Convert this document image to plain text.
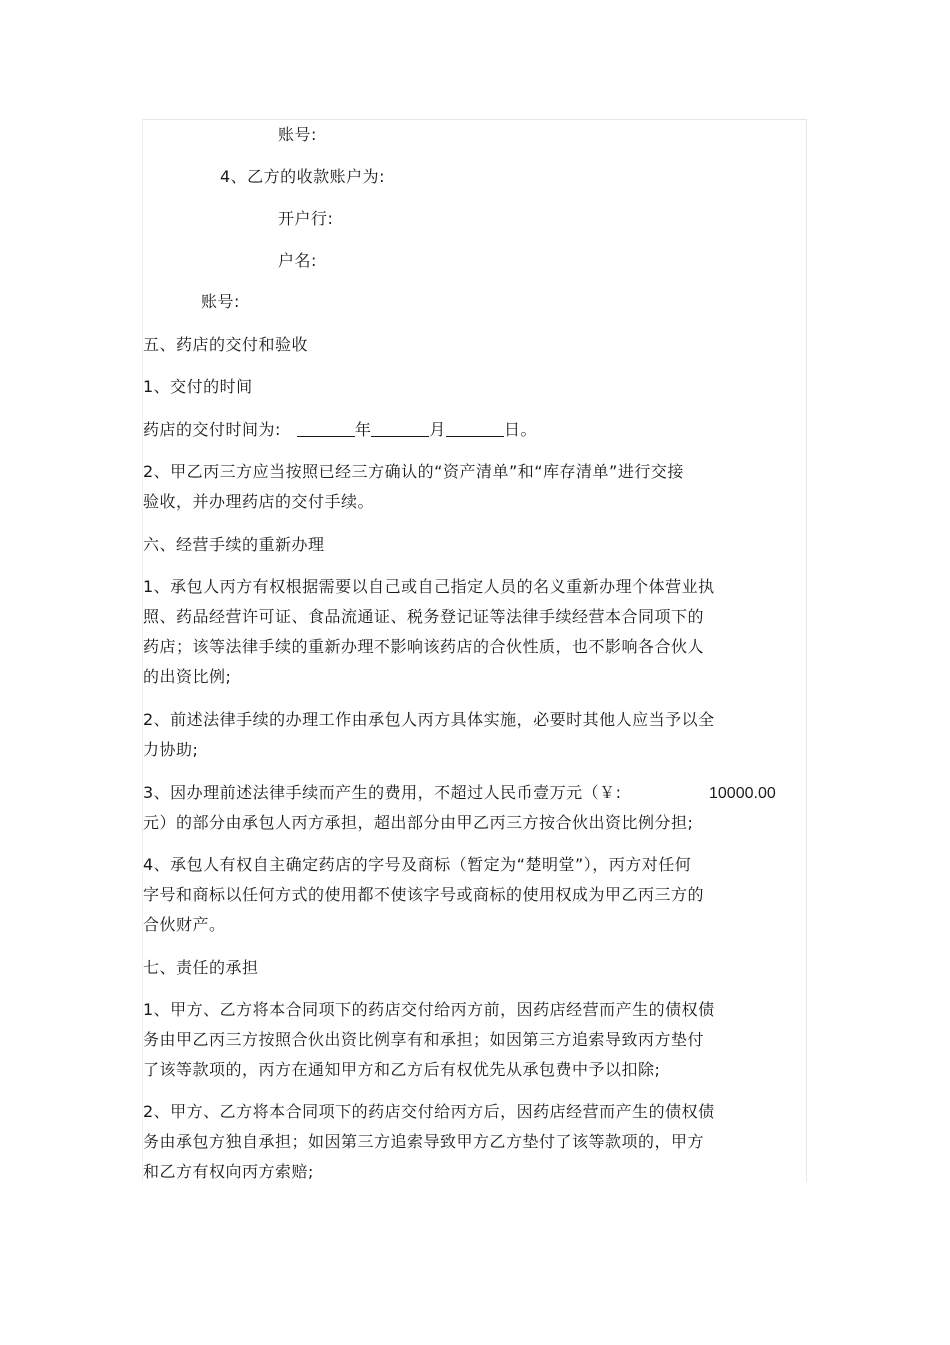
账号:
4、乙方的收款账户为:
开户行:
户名:
账号:
五、药店的交付和验收
1、交付的时间
药店的交付时间为:	年	月	日。
2、甲乙丙三方应当按照已经三方确认的“资产清单”和“库存清单”进行交接
验收，并办理药店的交付手续。
六、经营手续的重新办理
1、承包人丙方有权根据需要以自己或自己指定人员的名义重新办理个体营业执
照、药品经营许可证、食品流通证、税务登记证等法律手续经营本合同项下的
药店；该等法律手续的重新办理不影响该药店的合伙性质，也不影响各合伙人
的出资比例;
2、前述法律手续的办理工作由承包人丙方具体实施，必要时其他人应当予以全
力协助;
3、因办理前述法律手续而产生的费用，不超过人民币壹万元（￥:	10000.00
元）的部分由承包人丙方承担，超出部分由甲乙丙三方按合伙出资比例分担;
4、承包人有权自主确定药店的字号及商标（暂定为“楚明堂”），丙方对任何
字号和商标以任何方式的使用都不使该字号或商标的使用权成为甲乙丙三方的
合伙财产。
七、责任的承担
1、甲方、乙方将本合同项下的药店交付给丙方前，因药店经营而产生的债权债
务由甲乙丙三方按照合伙出资比例享有和承担；如因第三方追索导致丙方垫付
了该等款项的，丙方在通知甲方和乙方后有权优先从承包费中予以扣除;
2、甲方、乙方将本合同项下的药店交付给丙方后，因药店经营而产生的债权债
务由承包方独自承担；如因第三方追索导致甲方乙方垫付了该等款项的，甲方
和乙方有权向丙方索赔;
